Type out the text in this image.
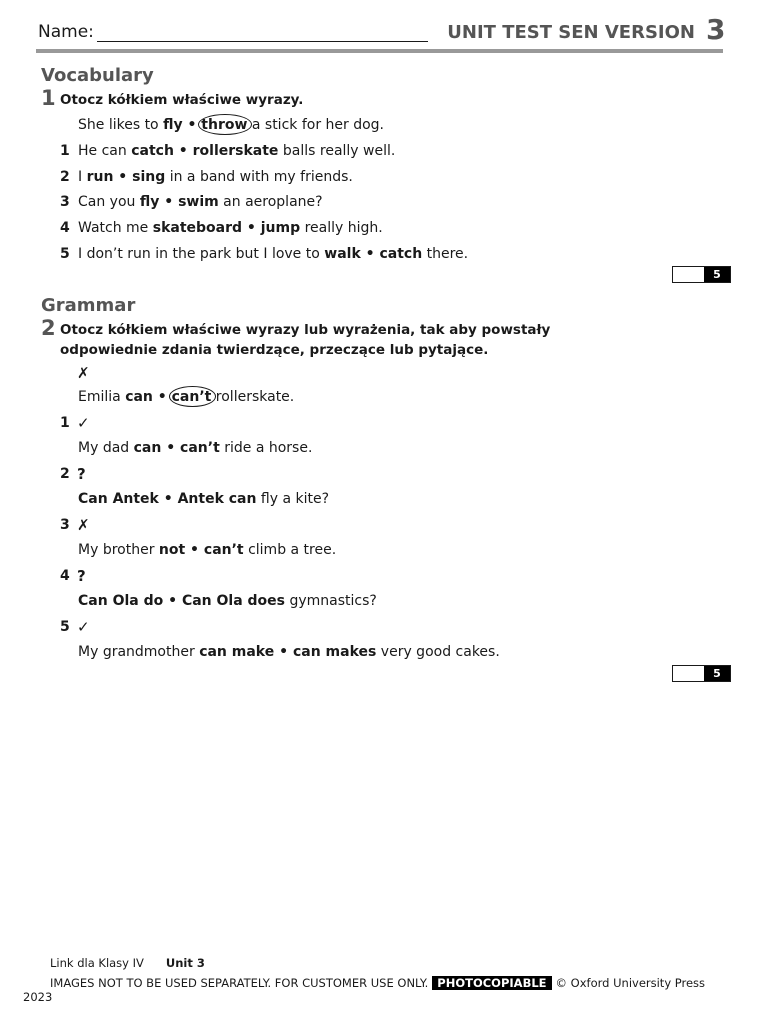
Name:	UNIT TEST SEN VERSION 3
Vocabulary
1 Otocz kółkiem właściwe wyrazy.
She likes to fly • throw a stick for her dog.
1 He can catch • rollerskate balls really well.
2 I run • sing in a band with my friends.
3 Can you fly • swim an aeroplane?
4 Watch me skateboard • jump really high.
5 I don’t run in the park but I love to walk • catch there.
5
Grammar
2 Otocz kółkiem właściwe wyrazy lub wyrażenia, tak aby powstały
odpowiednie zdania twierdzące, przeczące lub pytające.
✗
Emilia can • can’t rollerskate.
1 ✓
My dad can • can’t ride a horse.
2 ?
Can Antek • Antek can fly a kite?
3 ✗
My brother not • can’t climb a tree.
4 ?
Can Ola do • Can Ola does gymnastics?
5 ✓
My grandmother can make • can makes very good cakes.
5
Link dla Klasy IV Unit 3
IMAGES NOT TO BE USED SEPARATELY. FOR CUSTOMER USE ONLY. PHOTOCOPIABLE © Oxford University Press
2023
